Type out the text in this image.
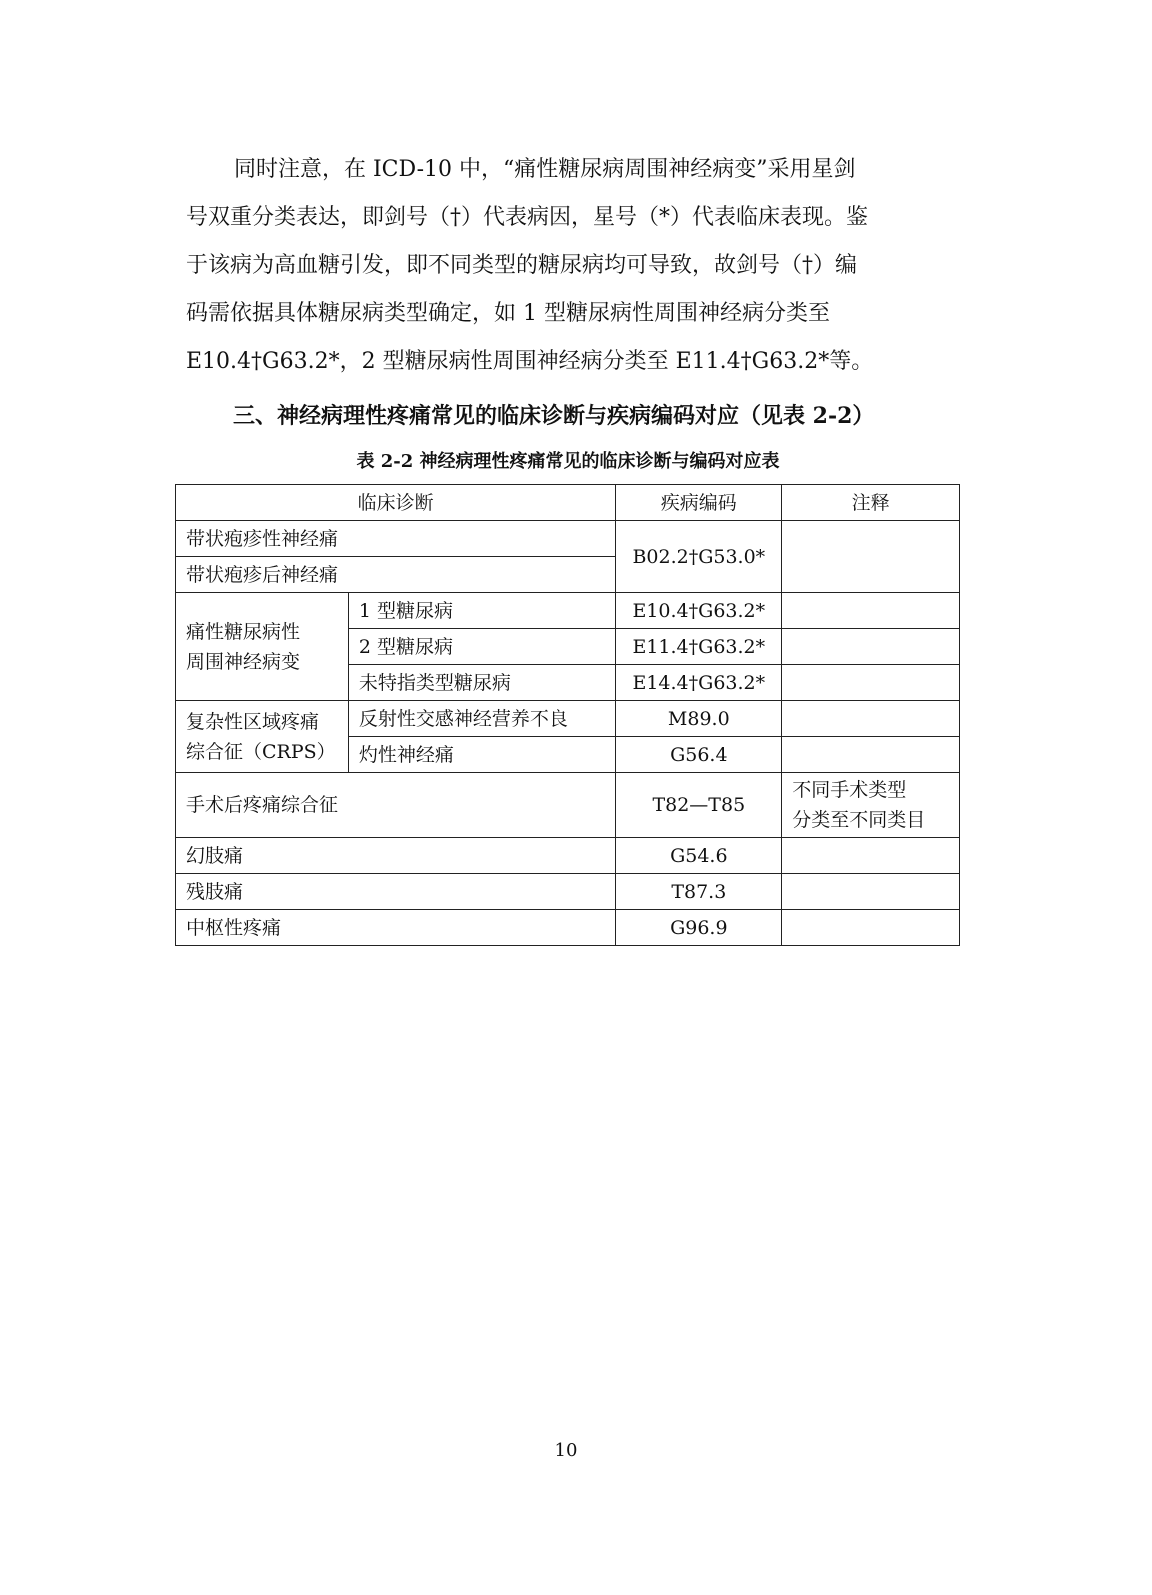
同时注意，在 ICD-10 中，“痛性糖尿病周围神经病变”采用星剑
号双重分类表达，即剑号（†）代表病因，星号（*）代表临床表现。鉴
于该病为高血糖引发，即不同类型的糖尿病均可导致，故剑号（†）编
码需依据具体糖尿病类型确定，如 1 型糖尿病性周围神经病分类至
E10.4†G63.2*，2 型糖尿病性周围神经病分类至 E11.4†G63.2*等。
三、神经病理性疼痛常见的临床诊断与疾病编码对应（见表 2-2）
表 2-2 神经病理性疼痛常见的临床诊断与编码对应表
临床诊断		疾病编码	注释
带状疱疹性神经痛		B02.2†G53.0*	
带状疱疹后神经痛			

痛性糖尿病性
周围神经病变	1 型糖尿病	E10.4†G63.2*	
	2 型糖尿病	E11.4†G63.2*	
	未特指类型糖尿病	E14.4†G63.2*	

复杂性区域疼痛
综合征（CRPS）	反射性交感神经营养不良	M89.0	
	灼性神经痛	G56.4	
手术后疼痛综合征		T82—T85	不同手术类型
分类至不同类目

幻肢痛		G54.6	
残肢痛		T87.3	
中枢性疼痛		G96.9	
10
